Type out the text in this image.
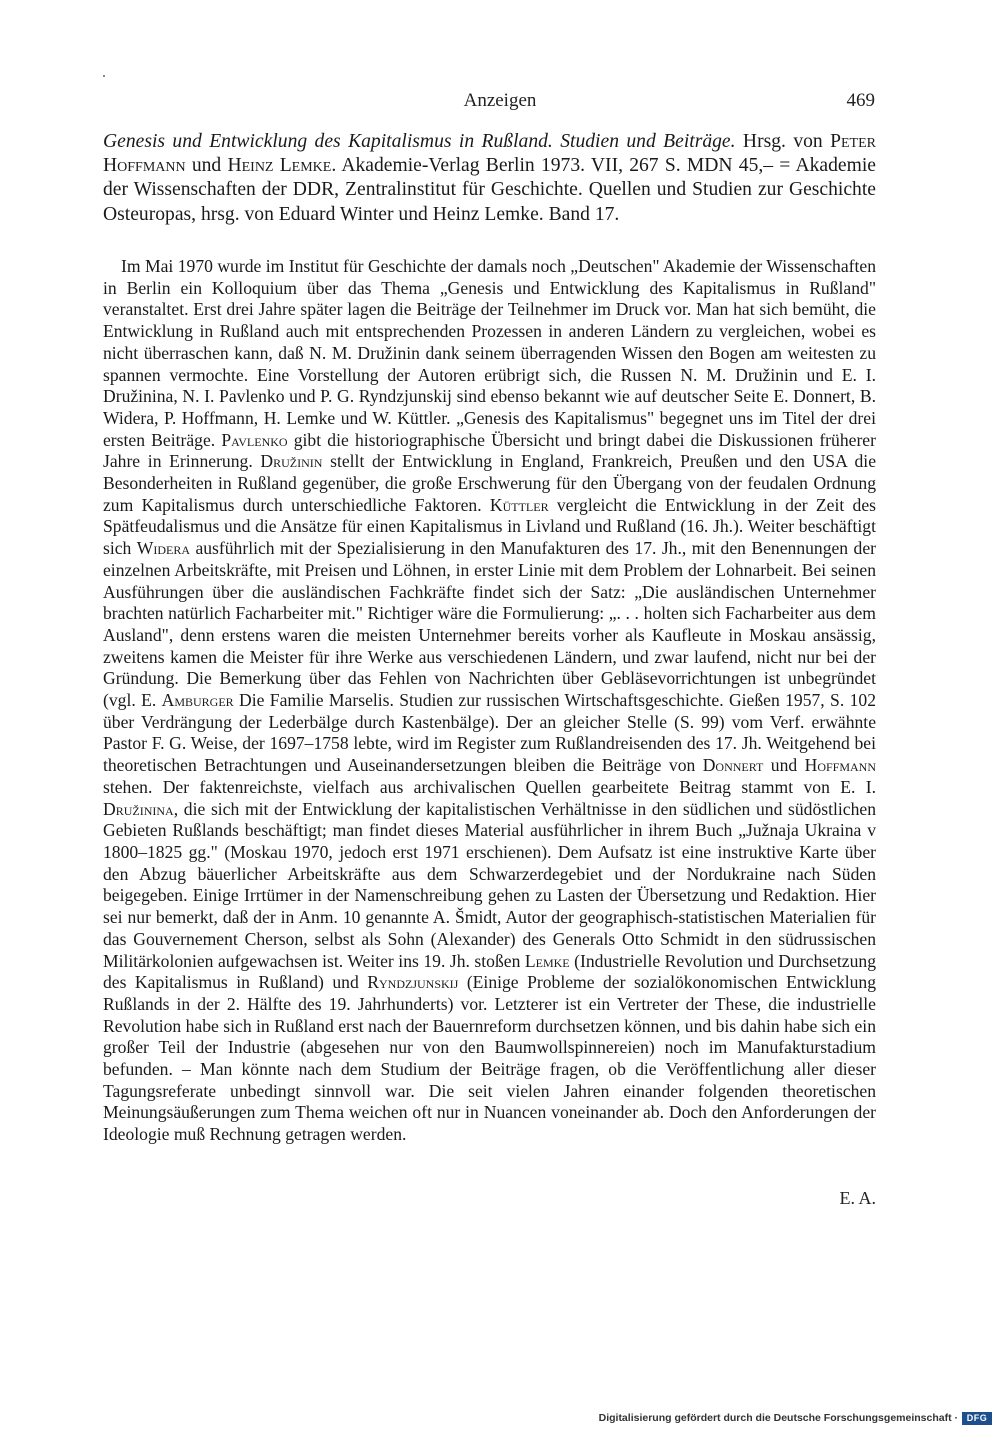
Anzeigen	469
Genesis und Entwicklung des Kapitalismus in Rußland. Studien und Beiträge. Hrsg. von Peter Hoffmann und Heinz Lemke. Akademie-Verlag Berlin 1973. VII, 267 S. MDN 45,– = Akademie der Wissenschaften der DDR, Zentralinstitut für Geschichte. Quellen und Studien zur Geschichte Osteuropas, hrsg. von Eduard Winter und Heinz Lemke. Band 17.
Im Mai 1970 wurde im Institut für Geschichte der damals noch „Deutschen" Akademie der Wissenschaften in Berlin ein Kolloquium über das Thema „Genesis und Entwicklung des Kapitalismus in Rußland" veranstaltet. Erst drei Jahre später lagen die Beiträge der Teilnehmer im Druck vor. Man hat sich bemüht, die Entwicklung in Rußland auch mit entsprechenden Prozessen in anderen Ländern zu vergleichen, wobei es nicht überraschen kann, daß N. M. Družinin dank seinem überragenden Wissen den Bogen am weitesten zu spannen vermochte. Eine Vorstellung der Autoren erübrigt sich, die Russen N. M. Družinin und E. I. Družinina, N. I. Pavlenko und P. G. Ryndzjunskij sind ebenso bekannt wie auf deutscher Seite E. Donnert, B. Widera, P. Hoffmann, H. Lemke und W. Küttler. „Genesis des Kapitalismus" begegnet uns im Titel der drei ersten Beiträge. Pavlenko gibt die historiographische Übersicht und bringt dabei die Diskussionen früherer Jahre in Erinnerung. Družinin stellt der Entwicklung in England, Frankreich, Preußen und den USA die Besonderheiten in Rußland gegenüber, die große Erschwerung für den Übergang von der feudalen Ordnung zum Kapitalismus durch unterschiedliche Faktoren. Küttler vergleicht die Entwicklung in der Zeit des Spätfeudalismus und die Ansätze für einen Kapitalismus in Livland und Rußland (16. Jh.). Weiter beschäftigt sich Widera ausführlich mit der Spezialisierung in den Manufakturen des 17. Jh., mit den Benennungen der einzelnen Arbeitskräfte, mit Preisen und Löhnen, in erster Linie mit dem Problem der Lohnarbeit. Bei seinen Ausführungen über die ausländischen Fachkräfte findet sich der Satz: „Die ausländischen Unternehmer brachten natürlich Facharbeiter mit." Richtiger wäre die Formulierung: „. . . holten sich Facharbeiter aus dem Ausland", denn erstens waren die meisten Unternehmer bereits vorher als Kaufleute in Moskau ansässig, zweitens kamen die Meister für ihre Werke aus verschiedenen Ländern, und zwar laufend, nicht nur bei der Gründung. Die Bemerkung über das Fehlen von Nachrichten über Gebläsevorrichtungen ist unbegründet (vgl. E. Amburger Die Familie Marselis. Studien zur russischen Wirtschaftsgeschichte. Gießen 1957, S. 102 über Verdrängung der Lederbälge durch Kastenbälge). Der an gleicher Stelle (S. 99) vom Verf. erwähnte Pastor F. G. Weise, der 1697–1758 lebte, wird im Register zum Rußlandreisenden des 17. Jh. Weitgehend bei theoretischen Betrachtungen und Auseinandersetzungen bleiben die Beiträge von Donnert und Hoffmann stehen. Der faktenreichste, vielfach aus archivalischen Quellen gearbeitete Beitrag stammt von E. I. Družinina, die sich mit der Entwicklung der kapitalistischen Verhältnisse in den südlichen und südöstlichen Gebieten Rußlands beschäftigt; man findet dieses Material ausführlicher in ihrem Buch „Južnaja Ukraina v 1800–1825 gg." (Moskau 1970, jedoch erst 1971 erschienen). Dem Aufsatz ist eine instruktive Karte über den Abzug bäuerlicher Arbeitskräfte aus dem Schwarzerdegebiet und der Nordukraine nach Süden beigegeben. Einige Irrtümer in der Namenschreibung gehen zu Lasten der Übersetzung und Redaktion. Hier sei nur bemerkt, daß der in Anm. 10 genannte A. Šmidt, Autor der geographisch-statistischen Materialien für das Gouvernement Cherson, selbst als Sohn (Alexander) des Generals Otto Schmidt in den südrussischen Militärkolonien aufgewachsen ist. Weiter ins 19. Jh. stoßen Lemke (Industrielle Revolution und Durchsetzung des Kapitalismus in Rußland) und Ryndzjunskij (Einige Probleme der sozialökonomischen Entwicklung Rußlands in der 2. Hälfte des 19. Jahrhunderts) vor. Letzterer ist ein Vertreter der These, die industrielle Revolution habe sich in Rußland erst nach der Bauernreform durchsetzen können, und bis dahin habe sich ein großer Teil der Industrie (abgesehen nur von den Baumwollspinnereien) noch im Manufakturstadium befunden. – Man könnte nach dem Studium der Beiträge fragen, ob die Veröffentlichung aller dieser Tagungsreferate unbedingt sinnvoll war. Die seit vielen Jahren einander folgenden theoretischen Meinungsäußerungen zum Thema weichen oft nur in Nuancen voneinander ab. Doch den Anforderungen der Ideologie muß Rechnung getragen werden.
E. A.
Digitalisierung gefördert durch die Deutsche Forschungsgemeinschaft · DFG
